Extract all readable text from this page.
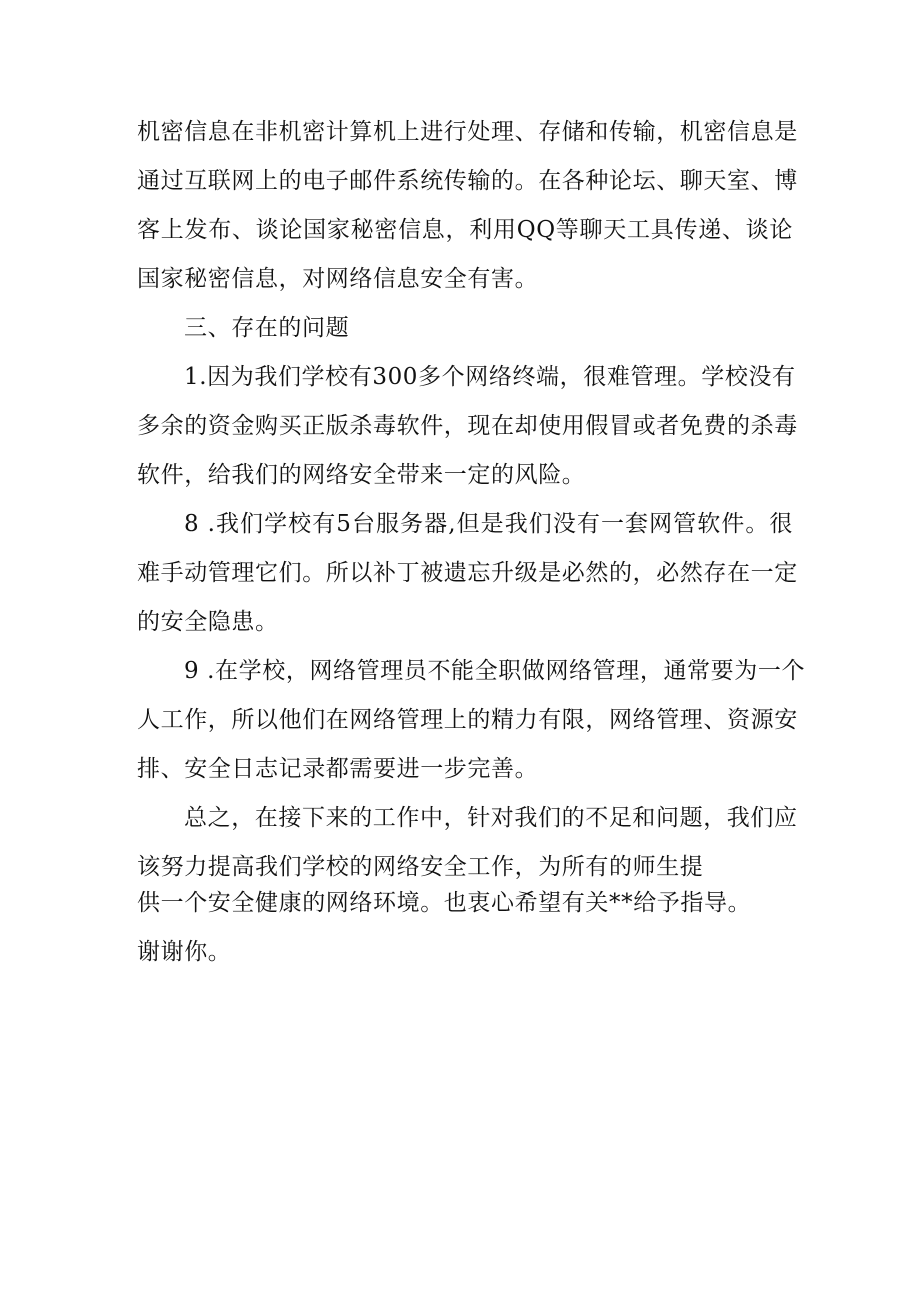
机密信息在非机密计算机上进行处理、存储和传输，机密信息是
通过互联网上的电子邮件系统传输的。在各种论坛、聊天室、博
客上发布、谈论国家秘密信息，利用QQ等聊天工具传递、谈论
国家秘密信息，对网络信息安全有害。
三、存在的问题
1.因为我们学校有300多个网络终端，很难管理。学校没有
多余的资金购买正版杀毒软件，现在却使用假冒或者免费的杀毒
软件，给我们的网络安全带来一定的风险。
8 .我们学校有5台服务器,但是我们没有一套网管软件。很
难手动管理它们。所以补丁被遗忘升级是必然的，必然存在一定
的安全隐患。
9 .在学校，网络管理员不能全职做网络管理，通常要为一个
人工作，所以他们在网络管理上的精力有限，网络管理、资源安
排、安全日志记录都需要进一步完善。
总之，在接下来的工作中，针对我们的不足和问题，我们应
该努力提高我们学校的网络安全工作，为所有的师生提
供一个安全健康的网络环境。也衷心希望有关**给予指导。
谢谢你。
